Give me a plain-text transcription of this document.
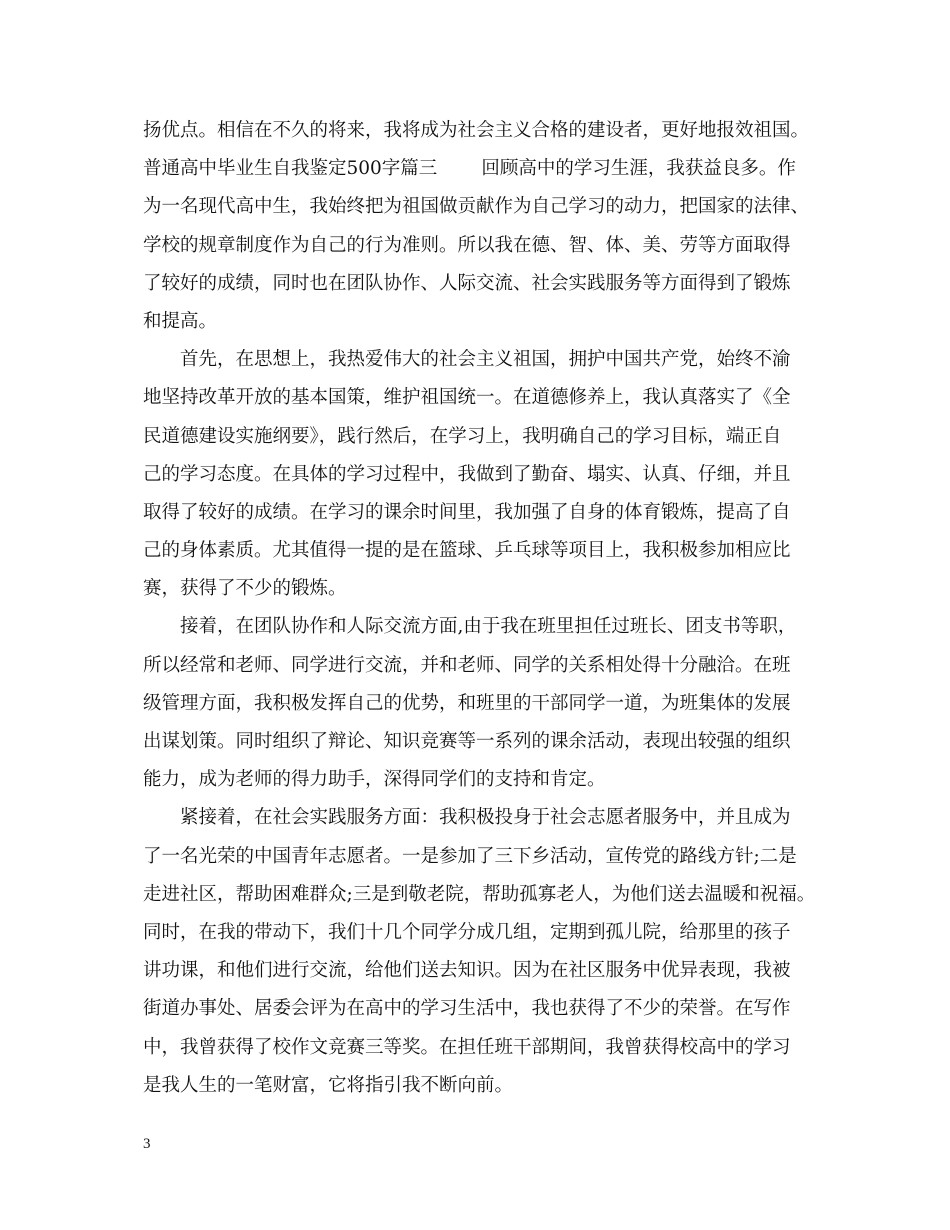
扬优点。相信在不久的将来，我将成为社会主义合格的建设者，更好地报效祖国。
普通高中毕业生自我鉴定500字篇三 回顾高中的学习生涯，我获益良多。作
为一名现代高中生，我始终把为祖国做贡献作为自己学习的动力，把国家的法律、
学校的规章制度作为自己的行为准则。所以我在德、智、体、美、劳等方面取得
了较好的成绩，同时也在团队协作、人际交流、社会实践服务等方面得到了锻炼
和提高。
首先，在思想上，我热爱伟大的社会主义祖国，拥护中国共产党，始终不渝
地坚持改革开放的基本国策，维护祖国统一。在道德修养上，我认真落实了《全
民道德建设实施纲要》，践行然后，在学习上，我明确自己的学习目标，端正自
己的学习态度。在具体的学习过程中，我做到了勤奋、塌实、认真、仔细，并且
取得了较好的成绩。在学习的课余时间里，我加强了自身的体育锻炼，提高了自
己的身体素质。尤其值得一提的是在篮球、乒乓球等项目上，我积极参加相应比
赛，获得了不少的锻炼。
接着，在团队协作和人际交流方面,由于我在班里担任过班长、团支书等职，
所以经常和老师、同学进行交流，并和老师、同学的关系相处得十分融洽。在班
级管理方面，我积极发挥自己的优势，和班里的干部同学一道，为班集体的发展
出谋划策。同时组织了辩论、知识竞赛等一系列的课余活动，表现出较强的组织
能力，成为老师的得力助手，深得同学们的支持和肯定。
紧接着，在社会实践服务方面：我积极投身于社会志愿者服务中，并且成为
了一名光荣的中国青年志愿者。一是参加了三下乡活动，宣传党的路线方针;二是
走进社区，帮助困难群众;三是到敬老院，帮助孤寡老人，为他们送去温暖和祝福。
同时，在我的带动下，我们十几个同学分成几组，定期到孤儿院，给那里的孩子
讲功课，和他们进行交流，给他们送去知识。因为在社区服务中优异表现，我被
街道办事处、居委会评为在高中的学习生活中，我也获得了不少的荣誉。在写作
中，我曾获得了校作文竞赛三等奖。在担任班干部期间，我曾获得校高中的学习
是我人生的一笔财富，它将指引我不断向前。
3
